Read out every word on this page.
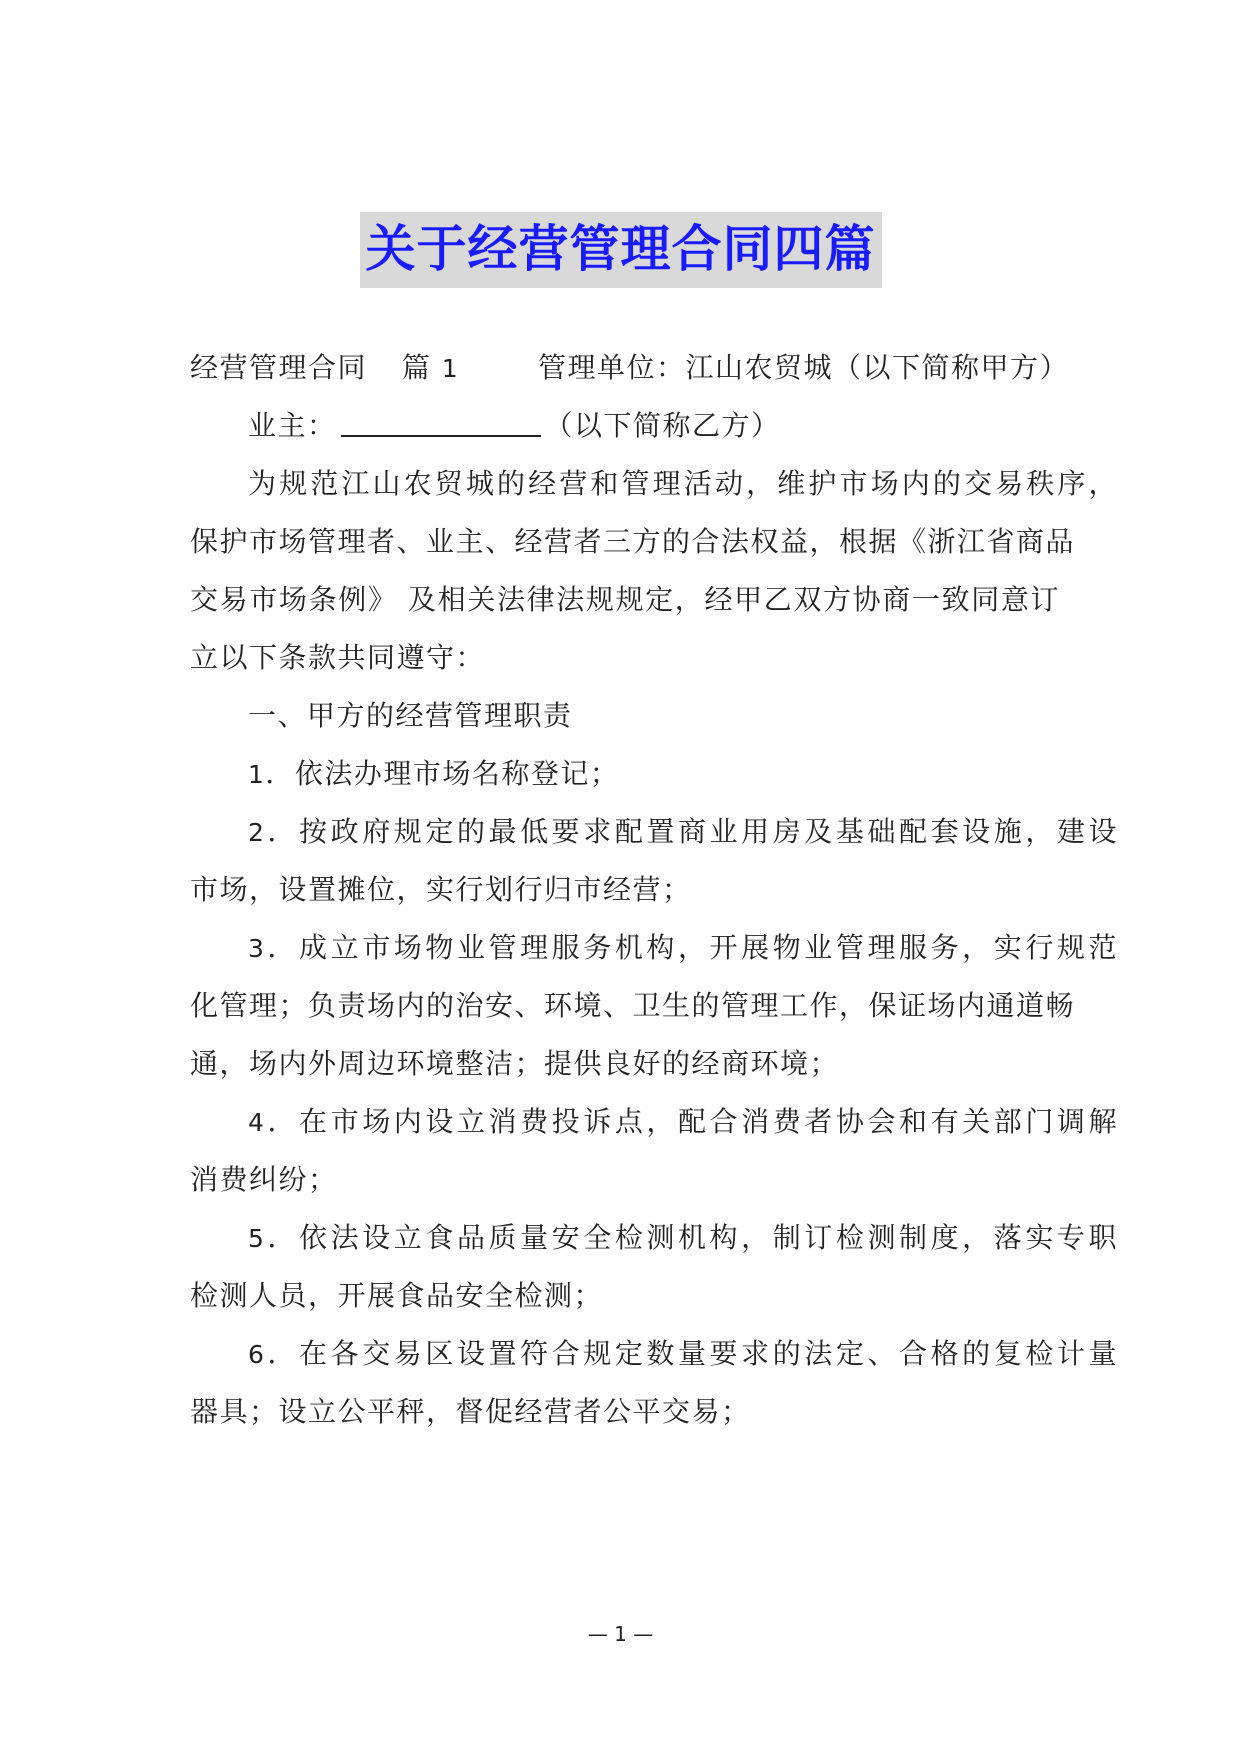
关于经营管理合同四篇
经营管理合同 篇 1	管理单位：江山农贸城（以下简称甲方）
业主：	（以下简称乙方）
为规范江山农贸城的经营和管理活动，维护市场内的交易秩序，
保护市场管理者、业主、经营者三方的合法权益，根据《浙江省商品
交易市场条例》 及相关法律法规规定，经甲乙双方协商一致同意订
立以下条款共同遵守：
一、甲方的经营管理职责
1．依法办理市场名称登记；
2．按政府规定的最低要求配置商业用房及基础配套设施，建设
市场，设置摊位，实行划行归市经营；
3．成立市场物业管理服务机构，开展物业管理服务，实行规范
化管理；负责场内的治安、环境、卫生的管理工作，保证场内通道畅
通，场内外周边环境整洁；提供良好的经商环境；
4．在市场内设立消费投诉点，配合消费者协会和有关部门调解
消费纠纷；
5．依法设立食品质量安全检测机构，制订检测制度，落实专职
检测人员，开展食品安全检测；
6．在各交易区设置符合规定数量要求的法定、合格的复检计量
器具；设立公平秤，督促经营者公平交易；
— 1 —
